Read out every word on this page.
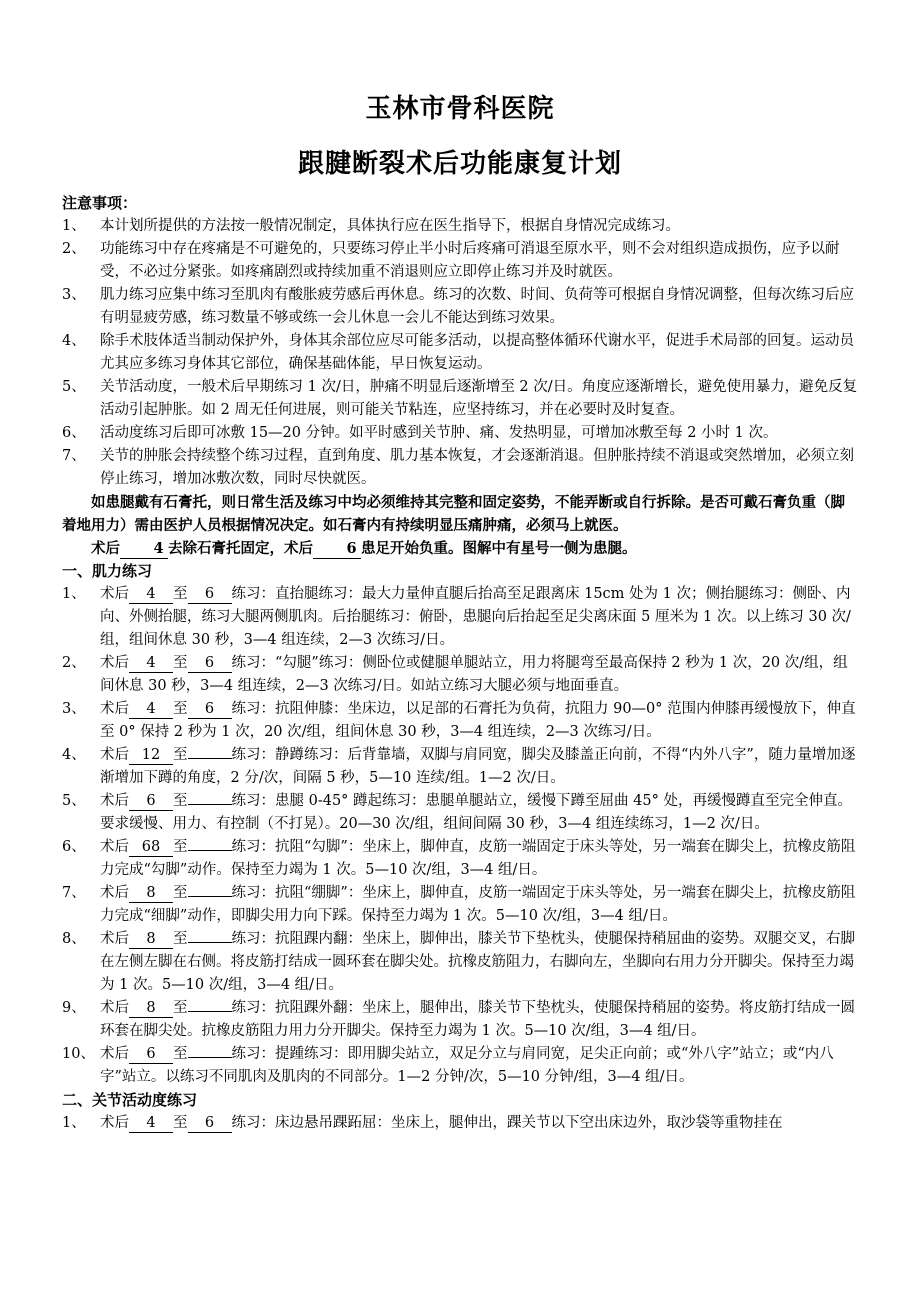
玉林市骨科医院
跟腱断裂术后功能康复计划
注意事项：
1、 本计划所提供的方法按一般情况制定，具体执行应在医生指导下，根据自身情况完成练习。
2、 功能练习中存在疼痛是不可避免的，只要练习停止半小时后疼痛可消退至原水平，则不会对组织造成损伤，应予以耐受，不必过分紧张。如疼痛剧烈或持续加重不消退则应立即停止练习并及时就医。
3、 肌力练习应集中练习至肌肉有酸胀疲劳感后再休息。练习的次数、时间、负荷等可根据自身情况调整，但每次练习后应有明显疲劳感，练习数量不够或练一会儿休息一会儿不能达到练习效果。
4、 除手术肢体适当制动保护外，身体其余部位应尽可能多活动，以提高整体循环代谢水平，促进手术局部的回复。运动员尤其应多练习身体其它部位，确保基础体能，早日恢复运动。
5、 关节活动度，一般术后早期练习 1 次/日，肿痛不明显后逐渐增至 2 次/日。角度应逐渐增长，避免使用暴力，避免反复活动引起肿胀。如 2 周无任何进展，则可能关节粘连，应坚持练习，并在必要时及时复查。
6、 活动度练习后即可冰敷 15—20 分钟。如平时感到关节肿、痛、发热明显，可增加冰敷至每 2 小时 1 次。
7、 关节的肿胀会持续整个练习过程，直到角度、肌力基本恢复，才会逐渐消退。但肿胀持续不消退或突然增加，必须立刻停止练习，增加冰敷次数，同时尽快就医。
如患腿戴有石膏托，则日常生活及练习中均必须维持其完整和固定姿势，不能弄断或自行拆除。是否可戴石膏负重（脚着地用力）需由医护人员根据情况决定。如石膏内有持续明显压痛肿痛，必须马上就医。
术后 4 去除石膏托固定，术后 6 患足开始负重。图解中有星号一侧为患腿。
一、肌力练习
1、 术后 4 至 6 练习：直抬腿练习：最大力量伸直腿后抬高至足跟离床 15cm 处为 1 次；侧抬腿练习：侧卧、内向、外侧抬腿，练习大腿两侧肌肉。后抬腿练习：俯卧，患腿向后抬起至足尖离床面 5 厘米为 1 次。以上练习 30 次/组，组间休息 30 秒，3—4 组连续，2—3 次练习/日。
2、 术后 4 至 6 练习：“勾腿”练习：侧卧位或健腿单腿站立，用力将腿弯至最高保持 2 秒为 1 次，20 次/组，组间休息 30 秒，3—4 组连续，2—3 次练习/日。如站立练习大腿必须与地面垂直。
3、 术后 4 至 6 练习：抗阻伸膝：坐床边，以足部的石膏托为负荷，抗阻力 90—0° 范围内伸膝再缓慢放下，伸直至 0° 保持 2 秒为 1 次，20 次/组，组间休息 30 秒，3—4 组连续，2—3 次练习/日。
4、 术后 12 至	练习：静蹲练习：后背靠墙，双脚与肩同宽，脚尖及膝盖正向前，不得“内外八字”，随力量增加逐渐增加下蹲的角度，2 分/次，间隔 5 秒，5—10 连续/组。1—2 次/日。
5、 术后 6 至	练习：患腿 0-45° 蹲起练习：患腿单腿站立，缓慢下蹲至屈曲 45° 处，再缓慢蹲直至完全伸直。要求缓慢、用力、有控制（不打晃）。20—30 次/组，组间间隔 30 秒，3—4 组连续练习，1—2 次/日。
6、 术后 68 至	练习：抗阻“勾脚”：坐床上，脚伸直，皮筋一端固定于床头等处，另一端套在脚尖上，抗橡皮筋阻力完成“勾脚”动作。保持至力竭为 1 次。5—10 次/组，3—4 组/日。
7、 术后 8 至	练习：抗阻“绷脚”：坐床上，脚伸直，皮筋一端固定于床头等处，另一端套在脚尖上，抗橡皮筋阻力完成“细脚”动作，即脚尖用力向下踩。保持至力竭为 1 次。5—10 次/组，3—4 组/日。
8、 术后 8 至	练习：抗阻踝内翻：坐床上，脚伸出，膝关节下垫枕头，使腿保持稍屈曲的姿势。双腿交叉，右脚在左侧左脚在右侧。将皮筋打结成一圆环套在脚尖处。抗橡皮筋阻力，右脚向左，坐脚向右用力分开脚尖。保持至力竭为 1 次。5—10 次/组，3—4 组/日。
9、 术后 8 至	练习：抗阻踝外翻：坐床上，腿伸出，膝关节下垫枕头，使腿保持稍屈的姿势。将皮筋打结成一圆环套在脚尖处。抗橡皮筋阻力用力分开脚尖。保持至力竭为 1 次。5—10 次/组，3—4 组/日。
10、 术后 6 至	练习：提踵练习：即用脚尖站立，双足分立与肩同宽，足尖正向前；或“外八字”站立；或“内八字”站立。以练习不同肌肉及肌肉的不同部分。1—2 分钟/次，5—10 分钟/组，3—4 组/日。
二、关节活动度练习
1、 术后 4 至 6 练习：床边悬吊踝跖屈：坐床上，腿伸出，踝关节以下空出床边外，取沙袋等重物挂在
